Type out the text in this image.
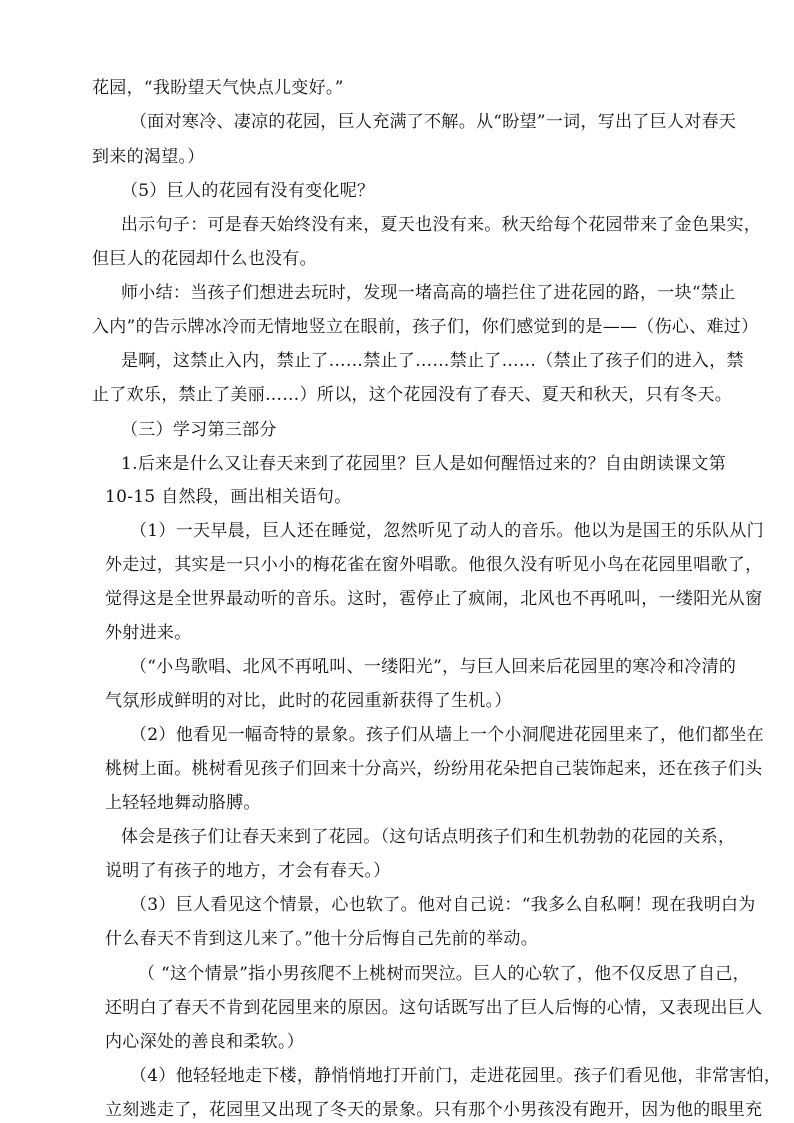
花园，“我盼望天气快点儿变好。”
（面对寒冷、凄凉的花园，巨人充满了不解。从“盼望”一词，写出了巨人对春天
到来的渴望。）
（5）巨人的花园有没有变化呢？
出示句子：可是春天始终没有来，夏天也没有来。秋天给每个花园带来了金色果实，
但巨人的花园却什么也没有。
师小结：当孩子们想进去玩时，发现一堵高高的墙拦住了进花园的路，一块“禁止
入内”的告示牌冰冷而无情地竖立在眼前，孩子们，你们感觉到的是——（伤心、难过）
是啊，这禁止入内，禁止了……禁止了……禁止了……（禁止了孩子们的进入，禁
止了欢乐，禁止了美丽……）所以，这个花园没有了春天、夏天和秋天，只有冬天。
（三）学习第三部分
1.后来是什么又让春天来到了花园里？巨人是如何醒悟过来的？自由朗读课文第
10-15 自然段，画出相关语句。
（1）一天早晨，巨人还在睡觉，忽然听见了动人的音乐。他以为是国王的乐队从门
外走过，其实是一只小小的梅花雀在窗外唱歌。他很久没有听见小鸟在花园里唱歌了，
觉得这是全世界最动听的音乐。这时，雹停止了疯闹，北风也不再吼叫，一缕阳光从窗
外射进来。
（“小鸟歌唱、北风不再吼叫、一缕阳光”，与巨人回来后花园里的寒冷和冷清的
气氛形成鲜明的对比，此时的花园重新获得了生机。）
（2）他看见一幅奇特的景象。孩子们从墙上一个小洞爬进花园里来了，他们都坐在
桃树上面。桃树看见孩子们回来十分高兴，纷纷用花朵把自己装饰起来，还在孩子们头
上轻轻地舞动胳膊。
体会是孩子们让春天来到了花园。（这句话点明孩子们和生机勃勃的花园的关系，
说明了有孩子的地方，才会有春天。）
（3）巨人看见这个情景，心也软了。他对自己说：“我多么自私啊！现在我明白为
什么春天不肯到这儿来了。”他十分后悔自己先前的举动。
（ “这个情景”指小男孩爬不上桃树而哭泣。巨人的心软了，他不仅反思了自己，
还明白了春天不肯到花园里来的原因。这句话既写出了巨人后悔的心情，又表现出巨人
内心深处的善良和柔软。）
（4）他轻轻地走下楼，静悄悄地打开前门，走进花园里。孩子们看见他，非常害怕，
立刻逃走了，花园里又出现了冬天的景象。只有那个小男孩没有跑开，因为他的眼里充
